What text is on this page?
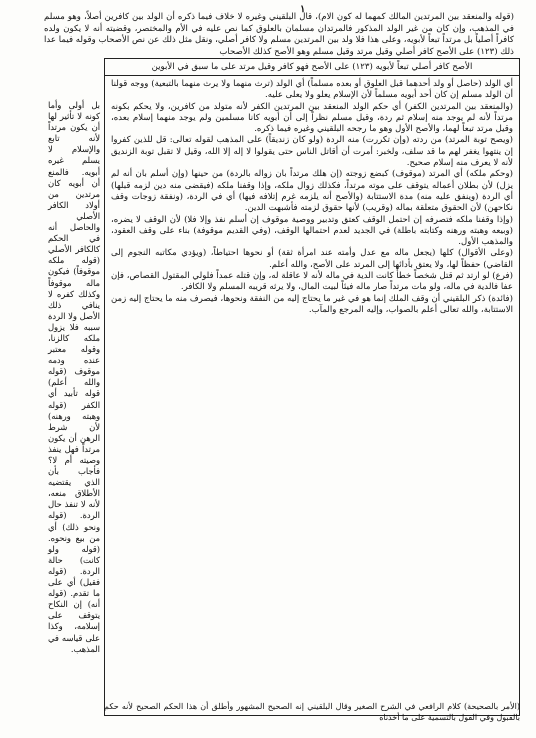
١

(قوله والمنعقد بين المرتدين المالك كمهما له كون الام)، قال البلقيني وغيره لا خلاف فيما ذكره أن الولد بين كافرين أصلاً، وهو مسلم في المذهب، وإن كان من غير الولد المذكور فالمرتدان مسلمان بالعلوق كما نص عليه في الأم والمختصر، وقضيته أنه لا يكون ولده كافراً أصلياً بل مرتداً تبعاً لأبويه، وعلى هذا فلا ولد بين المرتدين مسلم ولا كافر أصلي، ونقل مثل ذلك عن نص الأصحاب وقوله فيما عدا ذلك (١٢٣) على الأصح كافر أصلي وقيل مرتد وقيل مسلم وهو الأصح كذلك الأصحاب

الأصح كافر أصلي تبعاً لأبويه (١٢٣) على الأصح فهو كافر وقيل مرتد على ما سبق في الأبوين

أي الولد (حاصل أو ولد أحدهما قبل العلوق أو بعده مسلماً) أي الولد (ترث منهما ولا يرث منهما بالتبعية) ووجه قولنا أن الولد مسلم إن كان أحد أبويه مسلماً لأن الإسلام يعلو ولا يعلى عليه.

(والمنعقد بين المرتدين الكفر) أي حكم الولد المنعقد بين المرتدين الكفر لأنه متولد من كافرين، ولا يحكم بكونه مرتداً لأنه لم يوجد منه إسلام ثم ردة، وقيل مسلم نظراً إلى أن أبويه كانا مسلمين ولم يوجد منهما إسلام بعده، وقيل مرتد تبعاً لهما، والأصح الأول وهو ما رجحه البلقيني وغيره فيما ذكره.

(ويصح توبة المرتد) من ردته (وإن تكررت) منه الردة (ولو كان زنديقاً) على المذهب لقوله تعالى: قل للذين كفروا إن ينتهوا يغفر لهم ما قد سلف، ولخبر: أمرت أن أقاتل الناس حتى يقولوا لا إله إلا الله، وقيل لا تقبل توبة الزنديق لأنه لا يعرف منه إسلام صحيح.

(وحكم ملكه) أي المرتد (موقوف) كبضع زوجته (إن هلك مرتداً بان زواله بالردة) من حينها (وإن أسلم بان أنه لم يزل) لأن بطلان أعماله يتوقف على موته مرتداً، فكذلك زوال ملكه، وإذا وقفنا ملكه (فيقضى منه دين لزمه قبلها) أي الردة (وينفق عليه منه) مدة الاستتابة (والأصح أنه يلزمه غرم إتلافه فيها) أي في الردة، (ونفقة زوجات وقف نكاحهن) لأن الحقوق متعلقة بماله (وقريب) لأنها حقوق لزمته فأشبهت الدين.

(وإذا وقفنا ملكه فتصرفه إن احتمل الوقف كعتق وتدبير ووصية موقوف إن أسلم نفذ وإلا فلا) لأن الوقف لا يضره، (وبيعه وهبته ورهنه وكتابته باطلة) في الجديد لعدم احتمالها الوقف، (وفي القديم موقوفة) بناء على وقف العقود، والمذهب الأول.

(وعلى الأقوال) كلها (يجعل ماله مع عدل وأمته عند امرأة ثقة) أو نحوها احتياطاً، (ويؤدي مكاتبه النجوم إلى القاضي) حفظاً لها، ولا يعتق بأدائها إلى المرتد على الأصح، والله أعلم.

(فرع) لو ارتد ثم قتل شخصاً خطأً كانت الدية في ماله لأنه لا عاقلة له، وإن قتله عمداً فلولي المقتول القصاص، فإن عفا فالدية في ماله، ولو مات مرتداً صار ماله فيئاً لبيت المال، ولا يرثه قريبه المسلم ولا الكافر.

(فائدة) ذكر البلقيني أن وقف الملك إنما هو في غير ما يحتاج إليه من النفقة ونحوها، فيصرف منه ما يحتاج إليه زمن الاستتابة، والله تعالى أعلم بالصواب، وإليه المرجع والمآب.

بل أولى وأما كونه لا تأثير لها أن يكون مرتداً لأنه تابع والإسلام لا يسلم غيره أبويه. فالمنع أن أبويه كان مرتدين من أولاد الكافر الأصلي والحاصل أنه في الحكم كالكافر الأصلي (قوله ملكه موقوفاً) فيكون ماله موقوفاً وكذلك كفره لا ينافي ذلك الأصل ولا الردة سببه فلا يزول ملكه كالزنا، وقوله معتبر عنده ودمه موقوف (قوله والله أعلم) قوله تأبيد أي الكفر (قوله وهبته ورهنه) لأن شرط الرهن أن يكون مرتداً فهل ينفذ وصيته أم لا؟ فأجاب بأن الذي يقتضيه الأطلاق منعه، لأنه لا تنفذ حال الردة. (قوله ونحو ذلك) أي من بيع ونحوه. (قوله ولو كانت) حالة الردة. (قوله فقيل) أي على ما تقدم. (قوله أنه) إن النكاح يتوقف على إسلامه، وكذا على قياسه في المذهب.

(الأمر بالصحيحة) كلام الرافعي في الشرح الصغير وقال البلقيني إنه الصحيح المشهور وأطلق أن هذا الحكم الصحيح لأنه حكم بالقبول وفي القول بالتسمية على ما أخذناه
